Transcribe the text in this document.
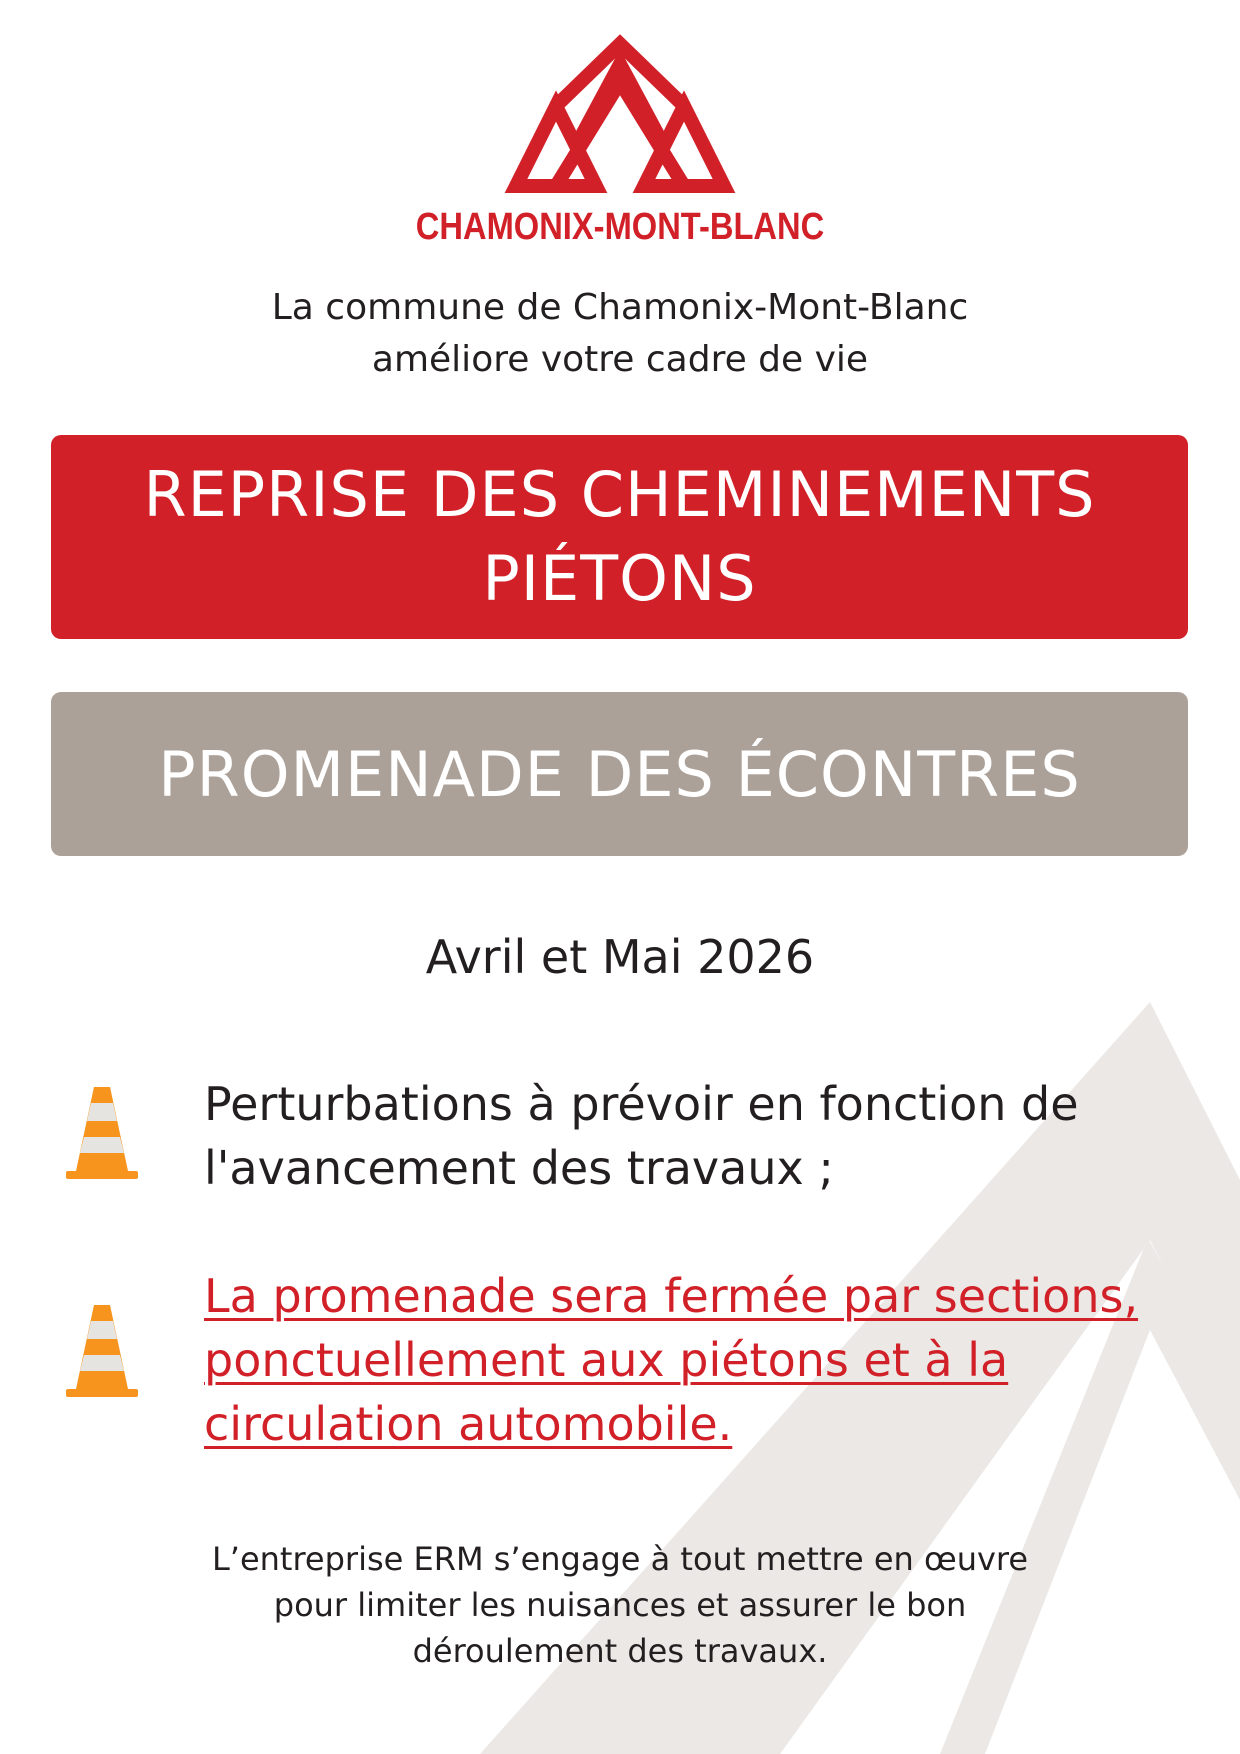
CHAMONIX-MONT-BLANC
La commune de Chamonix-Mont-Blanc
améliore votre cadre de vie
REPRISE DES CHEMINEMENTS
PIÉTONS
PROMENADE DES ÉCONTRES
Avril et Mai 2026
Perturbations à prévoir en fonction de l'avancement des travaux ;
La promenade sera fermée par sections, ponctuellement aux piétons et à la circulation automobile.
L’entreprise ERM s’engage à tout mettre en œuvre
pour limiter les nuisances et assurer le bon
déroulement des travaux.
